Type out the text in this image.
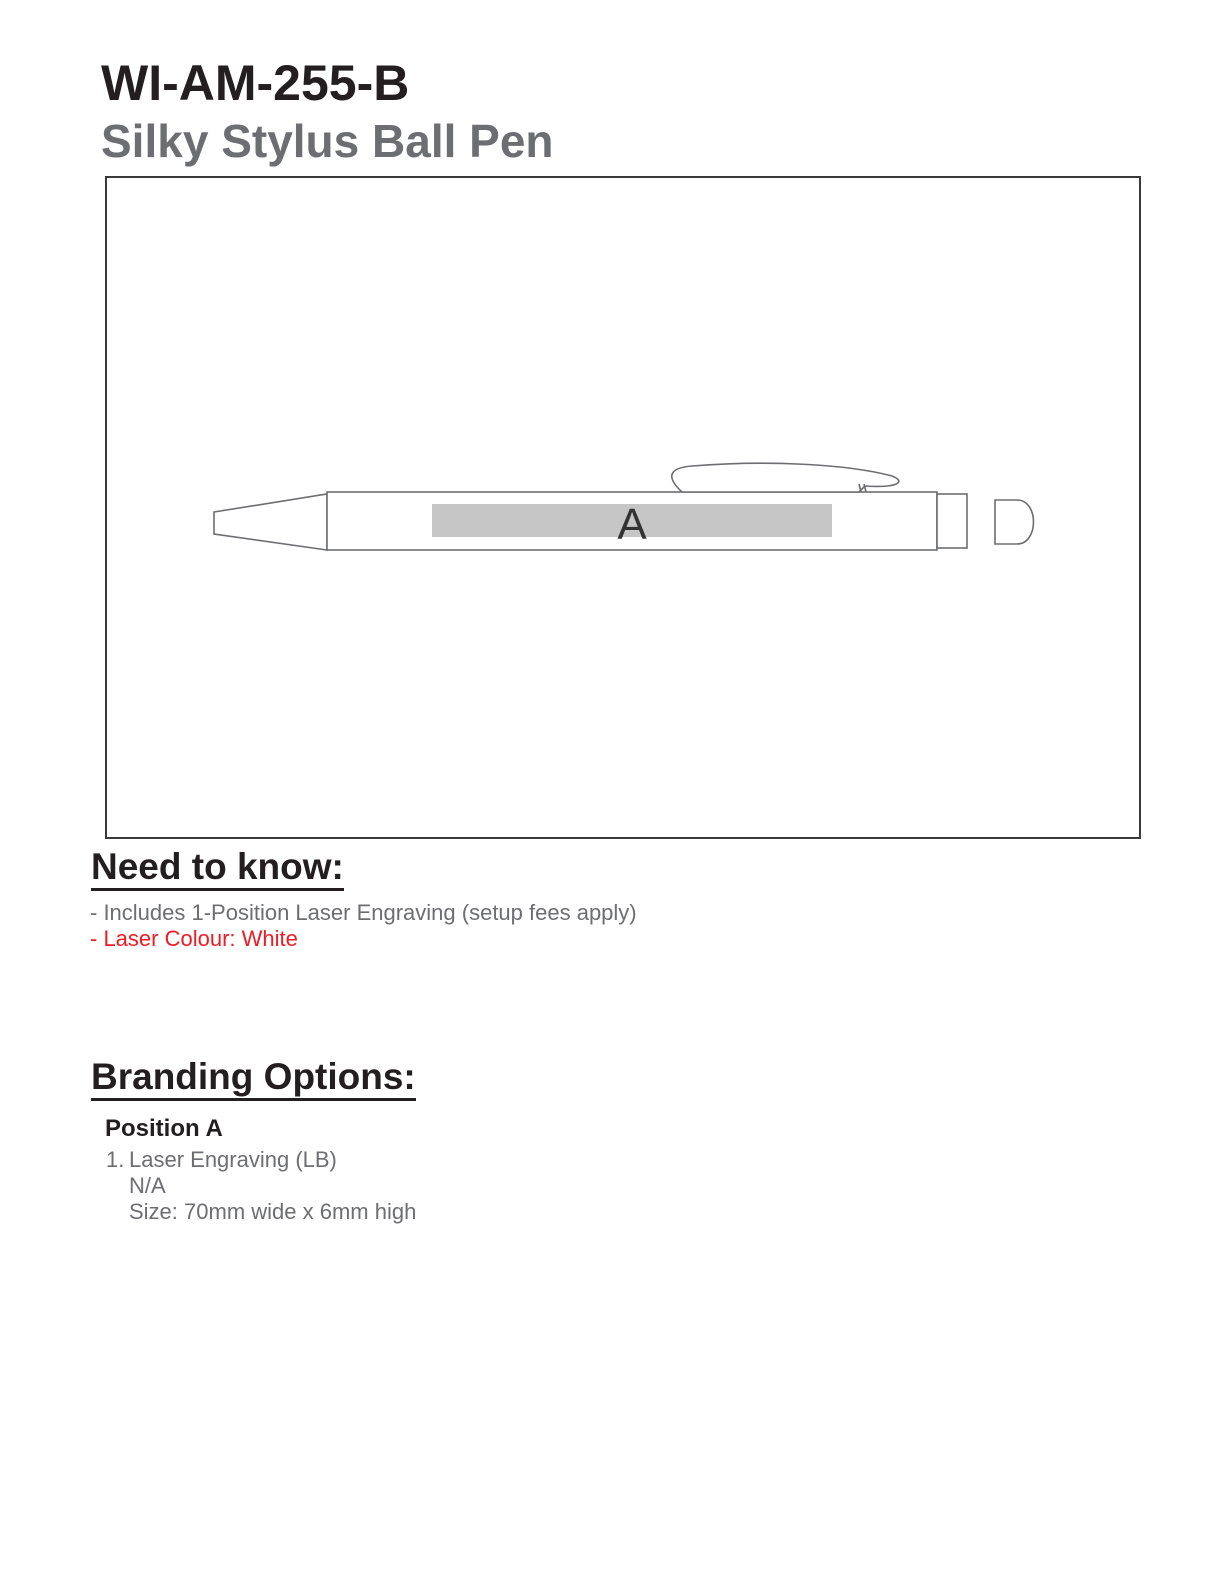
WI-AM-255-B
Silky Stylus Ball Pen
A
Need to know:
- Includes 1-Position Laser Engraving (setup fees apply)
- Laser Colour: White
Branding Options:
Position A
1. Laser Engraving (LB)
N/A
Size: 70mm wide x 6mm high
